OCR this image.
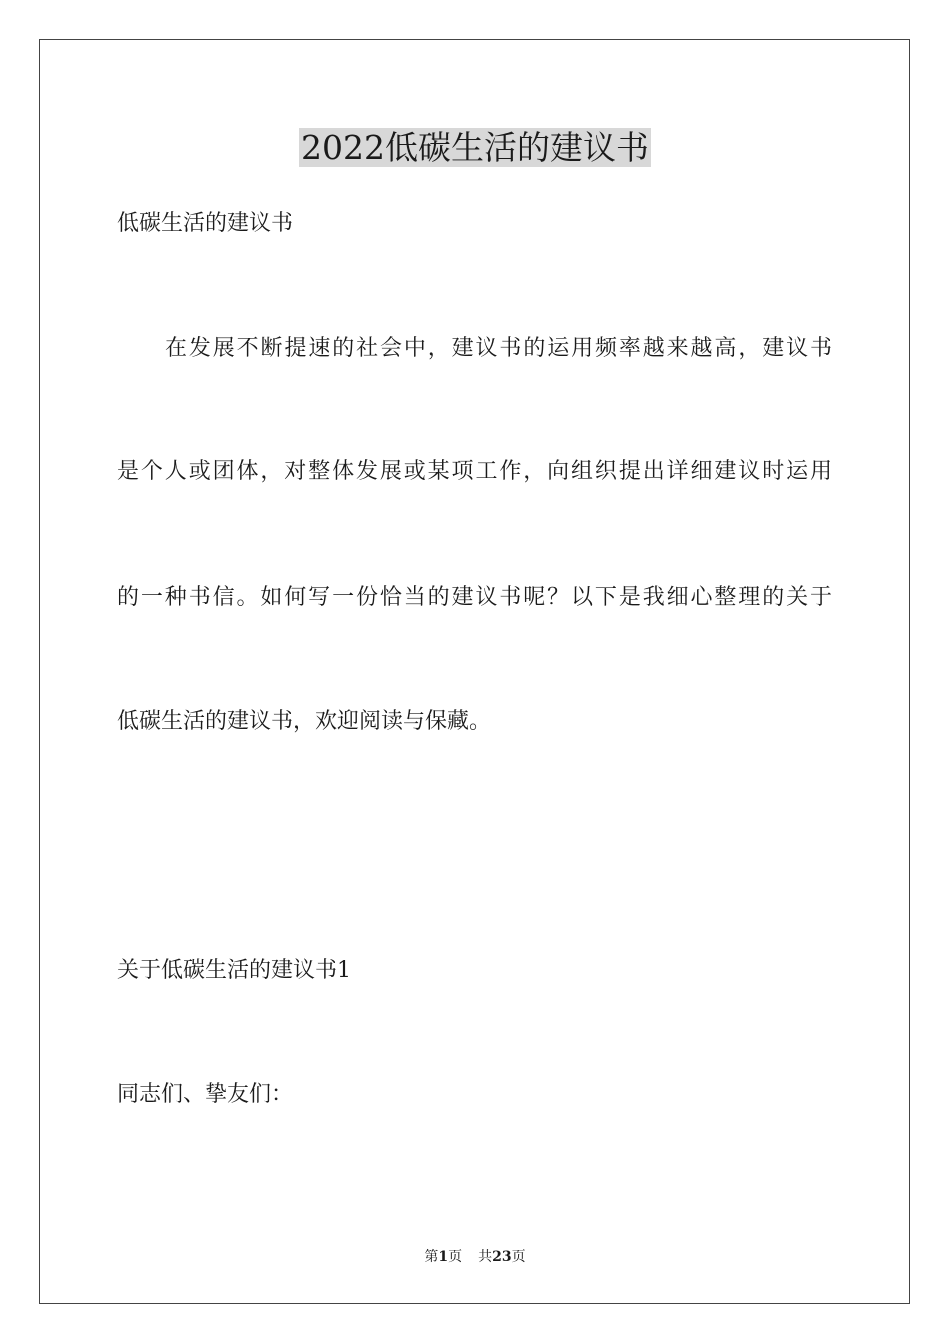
2022低碳生活的建议书
低碳生活的建议书
在发展不断提速的社会中，建议书的运用频率越来越高，建议书
是个人或团体，对整体发展或某项工作，向组织提出详细建议时运用
的一种书信。如何写一份恰当的建议书呢？以下是我细心整理的关于
低碳生活的建议书，欢迎阅读与保藏。
关于低碳生活的建议书1
同志们、挚友们：
第1页 共23页
